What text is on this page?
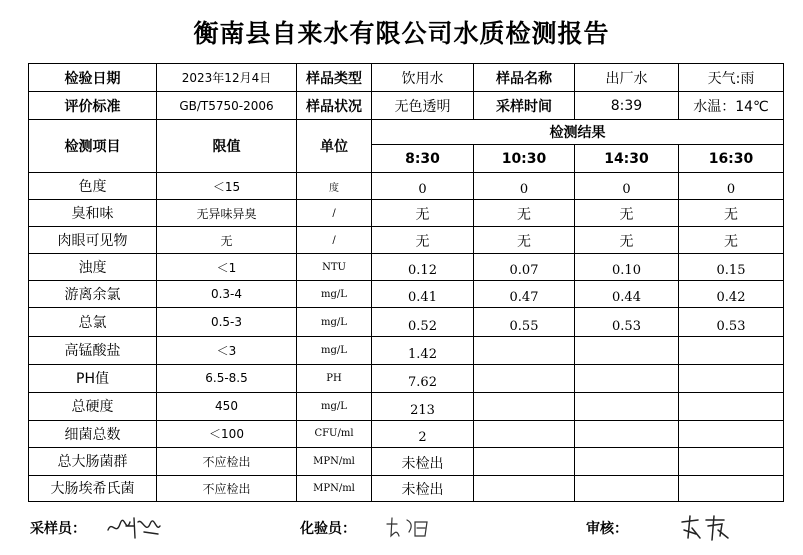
衡南县自来水有限公司水质检测报告
检验日期	2023年12月4日	样品类型	饮用水	样品名称	出厂水	天气:雨
评价标准	GB/T5750-2006	样品状况	无色透明	采样时间	8:39	水温：14℃
检测项目	限值	单位	检测结果			
			8:30	10:30	14:30	16:30
色度	＜15	度	0	0	0	0
臭和味	无异味异臭	/	无	无	无	无
肉眼可见物	无	/	无	无	无	无
浊度	＜1	NTU	0.12	0.07	0.10	0.15
游离余氯	0.3-4	mg/L	0.41	0.47	0.44	0.42
总氯	0.5-3	mg/L	0.52	0.55	0.53	0.53
高锰酸盐	＜3	mg/L	1.42			
PH值	6.5-8.5	PH	7.62			
总硬度	450	mg/L	213			
细菌总数	＜100	CFU/ml	2			
总大肠菌群	不应检出	MPN/ml	未检出			
大肠埃希氏菌	不应检出	MPN/ml	未检出			
采样员：	化验员：	审核：
